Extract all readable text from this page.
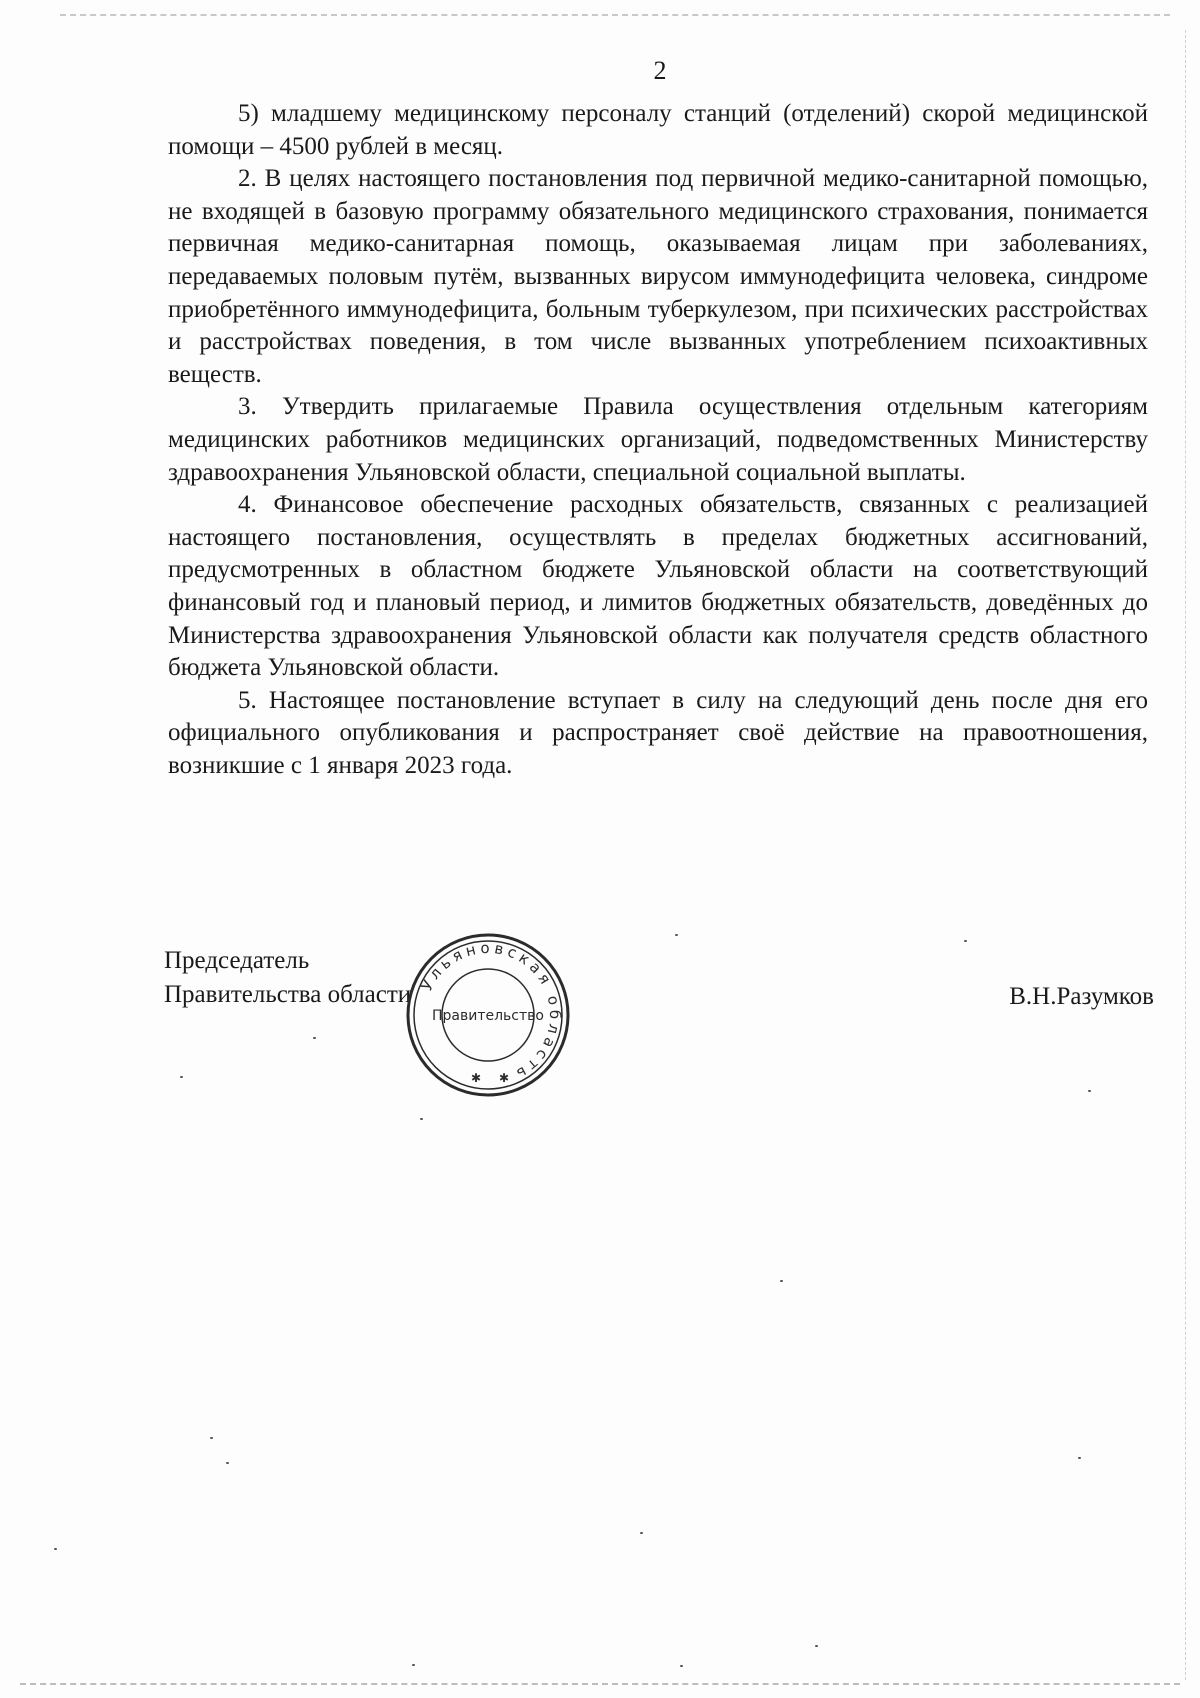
2

5) младшему медицинскому персоналу станций (отделений) скорой медицинской помощи – 4500 рублей в месяц.

2. В целях настоящего постановления под первичной медико-санитарной помощью, не входящей в базовую программу обязательного медицинского страхования, понимается первичная медико-санитарная помощь, оказываемая лицам при заболеваниях, передаваемых половым путём, вызванных вирусом иммунодефицита человека, синдроме приобретённого иммунодефицита, больным туберкулезом, при психических расстройствах и расстройствах поведения, в том числе вызванных употреблением психоактивных веществ.

3. Утвердить прилагаемые Правила осуществления отдельным категориям медицинских работников медицинских организаций, подведомственных Министерству здравоохранения Ульяновской области, специальной социальной выплаты.

4. Финансовое обеспечение расходных обязательств, связанных с реализацией настоящего постановления, осуществлять в пределах бюджетных ассигнований, предусмотренных в областном бюджете Ульяновской области на соответствующий финансовый год и плановый период, и лимитов бюджетных обязательств, доведённых до Министерства здравоохранения Ульяновской области как получателя средств областного бюджета Ульяновской области.

5. Настоящее постановление вступает в силу на следующий день после дня его официального опубликования и распространяет своё действие на правоотношения, возникшие с 1 января 2023 года.

Председатель
Правительства области	В.Н.Разумков
Ульяновская область
Правительство
✱ ✱
